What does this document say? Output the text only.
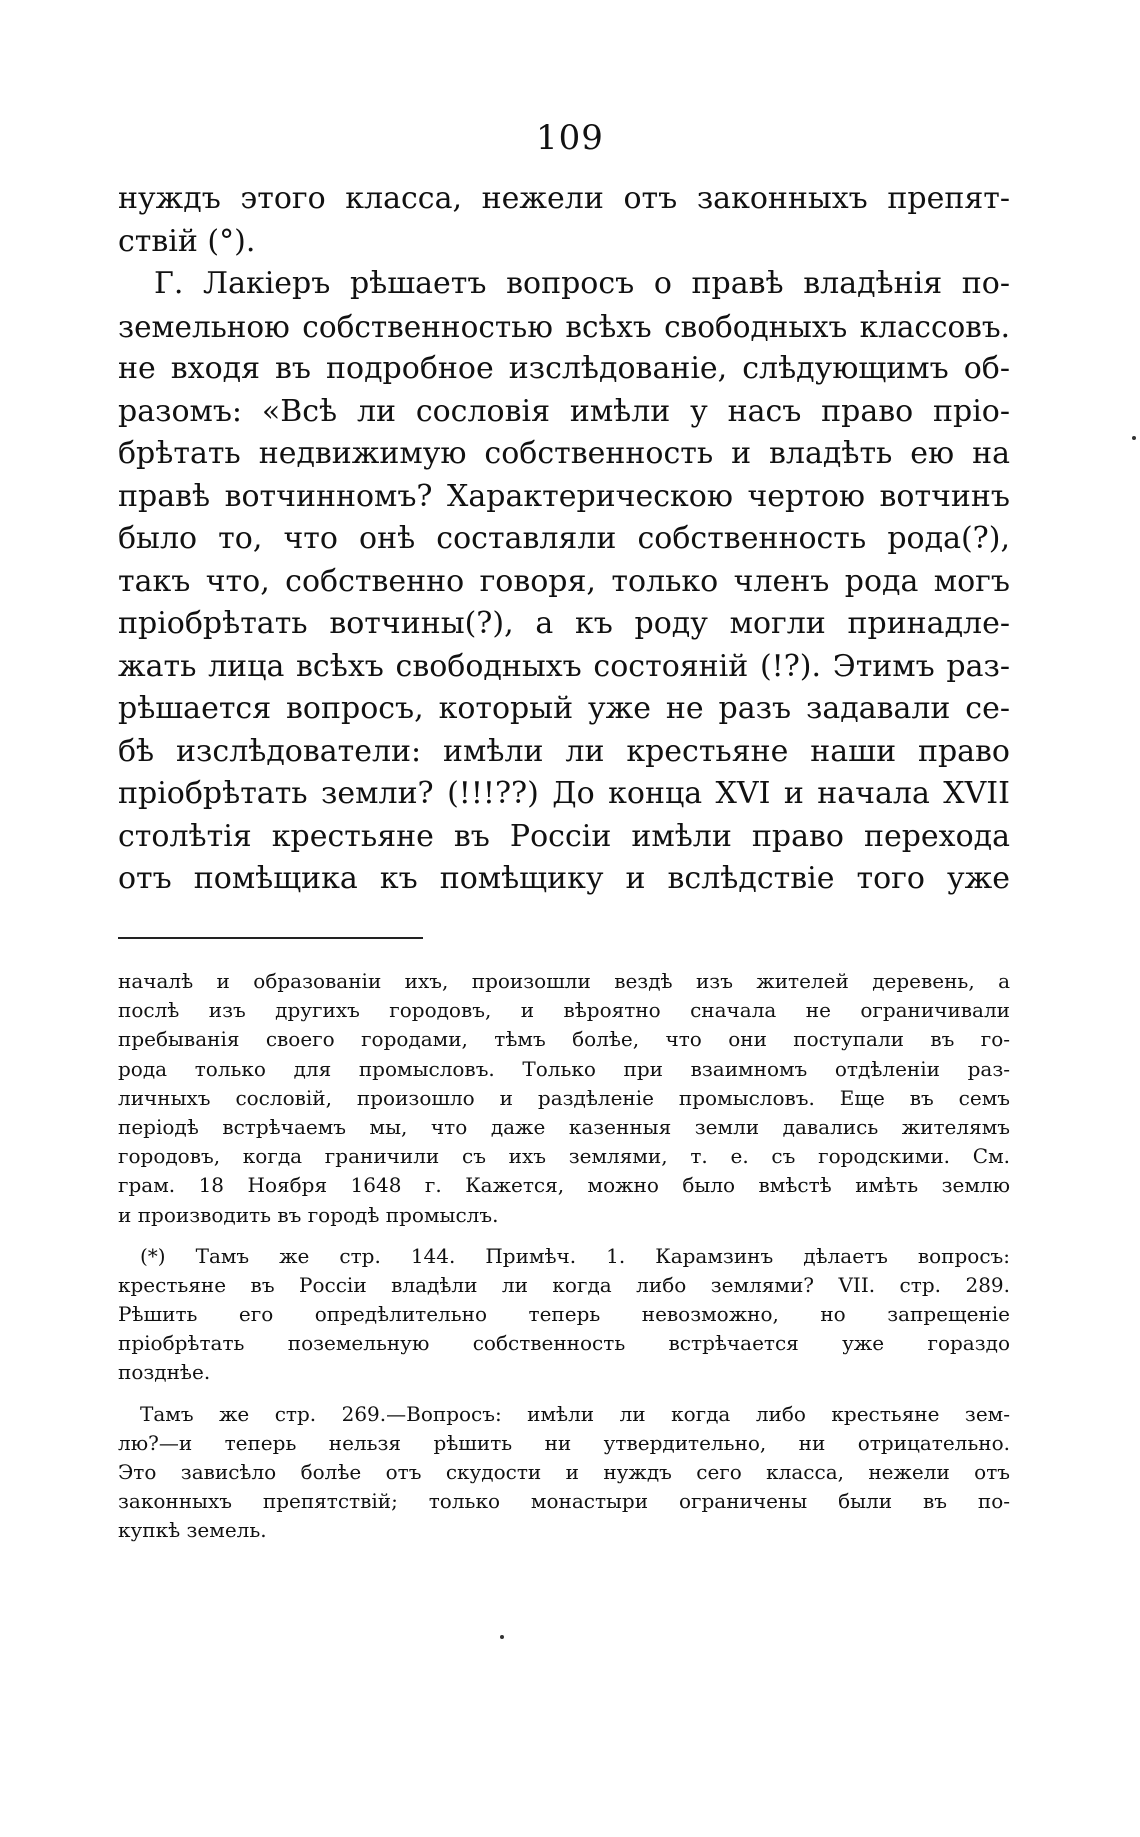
109
нуждъ этого класса, нежели отъ законныхъ препят-
ствій (°).
Г. Лакіеръ рѣшаетъ вопросъ о правѣ владѣнія по-
земельною собственностью всѣхъ свободныхъ классовъ.
не входя въ подробное изслѣдованіе, слѣдующимъ об-
разомъ: «Всѣ ли сословія имѣли у насъ право пріо-
брѣтать недвижимую собственность и владѣть ею на
правѣ вотчинномъ? Характерическою чертою вотчинъ
было то, что онѣ составляли собственность рода(?),
такъ что, собственно говоря, только членъ рода могъ
пріобрѣтать вотчины(?), а къ роду могли принадле-
жать лица всѣхъ свободныхъ состояній (!?). Этимъ раз-
рѣшается вопросъ, который уже не разъ задавали се-
бѣ изслѣдователи: имѣли ли крестьяне наши право
пріобрѣтать земли? (!!!??) До конца XVI и начала XVII
столѣтія крестьяне въ Россіи имѣли право перехода
отъ помѣщика къ помѣщику и вслѣдствіе того уже
началѣ и образованіи ихъ, произошли вездѣ изъ жителей деревень, а
послѣ изъ другихъ городовъ, и вѣроятно сначала не ограничивали
пребыванія своего городами, тѣмъ болѣе, что они поступали въ го-
рода только для промысловъ. Только при взаимномъ отдѣленіи раз-
личныхъ сословій, произошло и раздѣленіе промысловъ. Еще въ семъ
періодѣ встрѣчаемъ мы, что даже казенныя земли давались жителямъ
городовъ, когда граничили съ ихъ землями, т. е. съ городскими. См.
грам. 18 Ноября 1648 г. Кажется, можно было вмѣстѣ имѣть землю
и производить въ городѣ промыслъ.
(*) Тамъ же стр. 144. Примѣч. 1. Карамзинъ дѣлаетъ вопросъ:
крестьяне въ Россіи владѣли ли когда либо землями? VII. стр. 289.
Рѣшить его опредѣлительно теперь невозможно, но запрещеніе
пріобрѣтать поземельную собственность встрѣчается уже гораздо
позднѣе.
Тамъ же стр. 269.—Вопросъ: имѣли ли когда либо крестьяне зем-
лю?—и теперь нельзя рѣшить ни утвердительно, ни отрицательно.
Это зависѣло болѣе отъ скудости и нуждъ сего класса, нежели отъ
законныхъ препятствій; только монастыри ограничены были въ по-
купкѣ земель.
